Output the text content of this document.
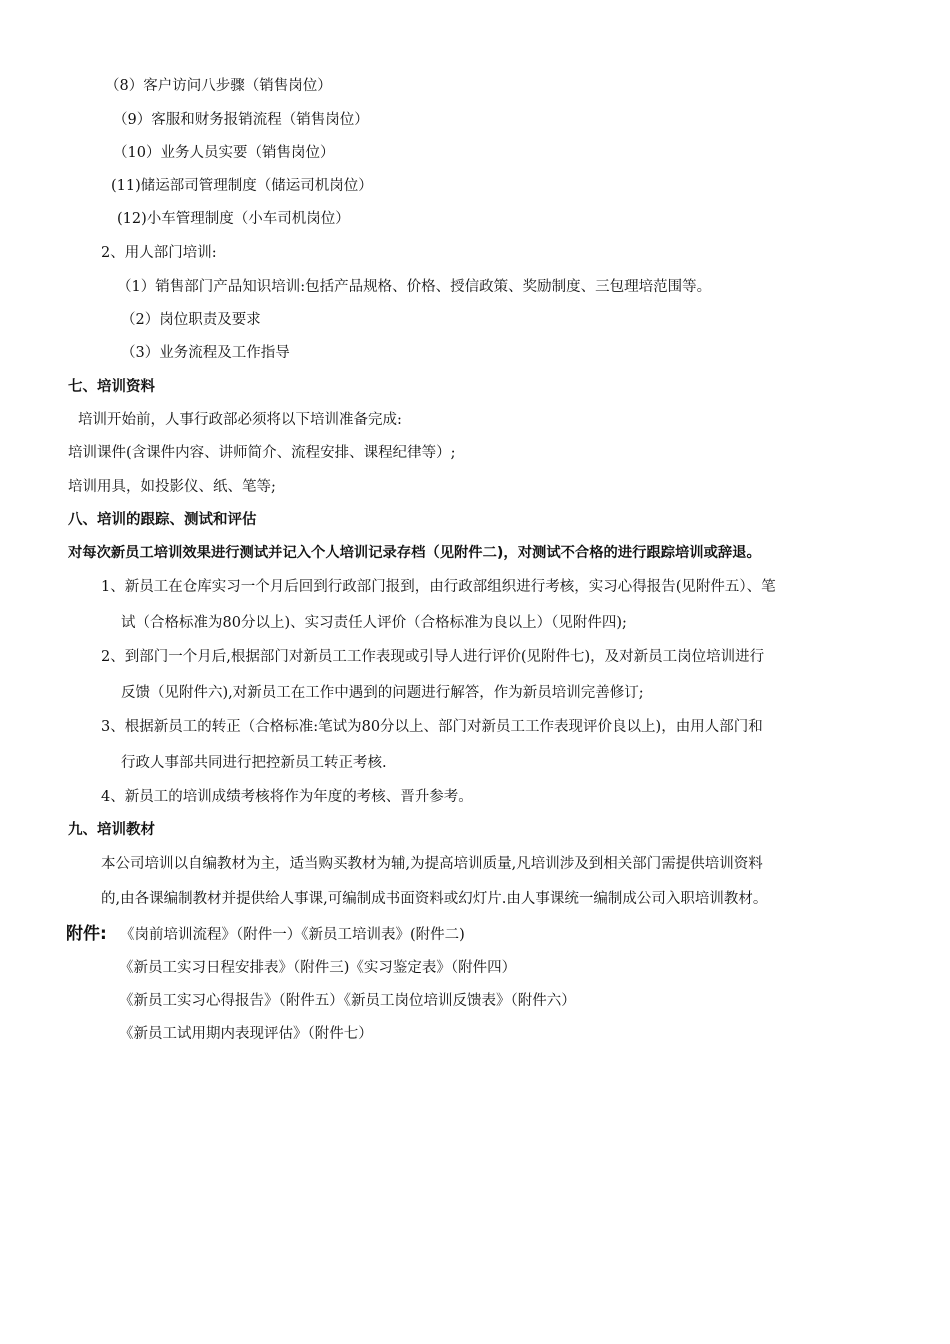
（8）客户访问八步骤（销售岗位）
（9）客服和财务报销流程（销售岗位）
（10）业务人员实要（销售岗位）
(11)储运部司管理制度（储运司机岗位）
(12)小车管理制度（小车司机岗位）
2、用人部门培训:
（1）销售部门产品知识培训:包括产品规格、价格、授信政策、奖励制度、三包理培范围等。
（2）岗位职责及要求
（3）业务流程及工作指导
七、培训资料
培训开始前，人事行政部必须将以下培训准备完成:
培训课件(含课件内容、讲师简介、流程安排、课程纪律等）;
培训用具，如投影仪、纸、笔等;
八、培训的跟踪、测试和评估
对每次新员工培训效果进行测试并记入个人培训记录存档（见附件二)，对测试不合格的进行跟踪培训或辞退。
1、新员工在仓库实习一个月后回到行政部门报到，由行政部组织进行考核，实习心得报告(见附件五）、笔
试（合格标准为80分以上)、实习责任人评价（合格标准为良以上）（见附件四);
2、到部门一个月后,根据部门对新员工工作表现或引导人进行评价(见附件七)，及对新员工岗位培训进行
反馈（见附件六),对新员工在工作中遇到的问题进行解答，作为新员培训完善修订;
3、根据新员工的转正（合格标准:笔试为80分以上、部门对新员工工作表现评价良以上)，由用人部门和
行政人事部共同进行把控新员工转正考核.
4、新员工的培训成绩考核将作为年度的考核、晋升参考。
九、培训教材
本公司培训以自编教材为主，适当购买教材为辅,为提高培训质量,凡培训涉及到相关部门需提供培训资料
的,由各课编制教材并提供给人事课,可编制成书面资料或幻灯片.由人事课统一编制成公司入职培训教材。
附件: 《岗前培训流程》（附件一）《新员工培训表》(附件二)
《新员工实习日程安排表》（附件三)《实习鉴定表》（附件四）
《新员工实习心得报告》（附件五）《新员工岗位培训反馈表》（附件六）
《新员工试用期内表现评估》（附件七）
